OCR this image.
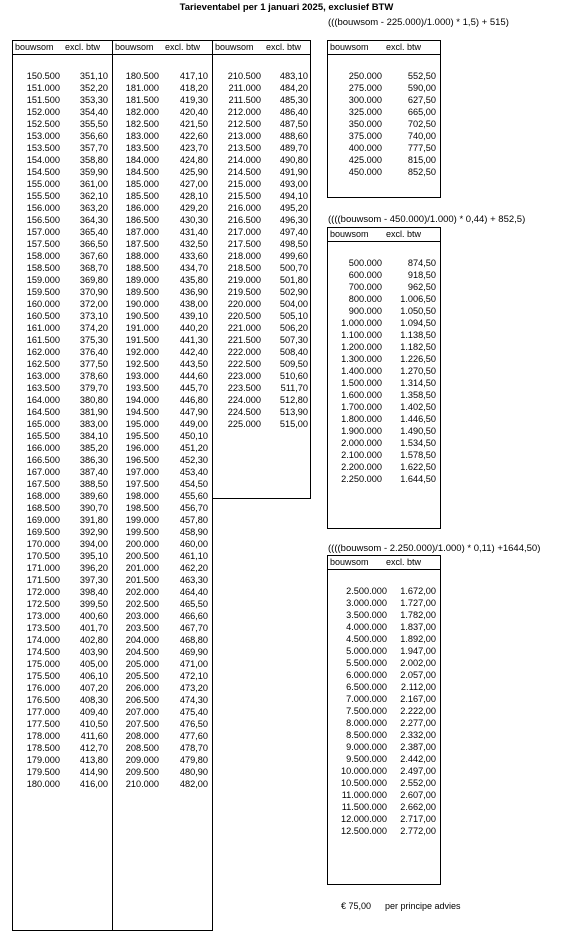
Tarieventabel per 1 januari 2025, exclusief BTW
(((bouwsom - 225.000)/1.000) * 1,5) + 515)
bouwsom excl. btw
150.500 351,10
151.000 352,20
151.500 353,30
152.000 354,40
152.500 355,50
153.000 356,60
153.500 357,70
154.000 358,80
154.500 359,90
155.000 361,00
155.500 362,10
156.000 363,20
156.500 364,30
157.000 365,40
157.500 366,50
158.000 367,60
158.500 368,70
159.000 369,80
159.500 370,90
160.000 372,00
160.500 373,10
161.000 374,20
161.500 375,30
162.000 376,40
162.500 377,50
163.000 378,60
163.500 379,70
164.000 380,80
164.500 381,90
165.000 383,00
165.500 384,10
166.000 385,20
166.500 386,30
167.000 387,40
167.500 388,50
168.000 389,60
168.500 390,70
169.000 391,80
169.500 392,90
170.000 394,00
170.500 395,10
171.000 396,20
171.500 397,30
172.000 398,40
172.500 399,50
173.000 400,60
173.500 401,70
174.000 402,80
174.500 403,90
175.000 405,00
175.500 406,10
176.000 407,20
176.500 408,30
177.000 409,40
177.500 410,50
178.000 411,60
178.500 412,70
179.000 413,80
179.500 414,90
180.000 416,00
bouwsom excl. btw
180.500 417,10
181.000 418,20
181.500 419,30
182.000 420,40
182.500 421,50
183.000 422,60
183.500 423,70
184.000 424,80
184.500 425,90
185.000 427,00
185.500 428,10
186.000 429,20
186.500 430,30
187.000 431,40
187.500 432,50
188.000 433,60
188.500 434,70
189.000 435,80
189.500 436,90
190.000 438,00
190.500 439,10
191.000 440,20
191.500 441,30
192.000 442,40
192.500 443,50
193.000 444,60
193.500 445,70
194.000 446,80
194.500 447,90
195.000 449,00
195.500 450,10
196.000 451,20
196.500 452,30
197.000 453,40
197.500 454,50
198.000 455,60
198.500 456,70
199.000 457,80
199.500 458,90
200.000 460,00
200.500 461,10
201.000 462,20
201.500 463,30
202.000 464,40
202.500 465,50
203.000 466,60
203.500 467,70
204.000 468,80
204.500 469,90
205.000 471,00
205.500 472,10
206.000 473,20
206.500 474,30
207.000 475,40
207.500 476,50
208.000 477,60
208.500 478,70
209.000 479,80
209.500 480,90
210.000 482,00
bouwsom excl. btw
210.500 483,10
211.000 484,20
211.500 485,30
212.000 486,40
212.500 487,50
213.000 488,60
213.500 489,70
214.000 490,80
214.500 491,90
215.000 493,00
215.500 494,10
216.000 495,20
216.500 496,30
217.000 497,40
217.500 498,50
218.000 499,60
218.500 500,70
219.000 501,80
219.500 502,90
220.000 504,00
220.500 505,10
221.000 506,20
221.500 507,30
222.000 508,40
222.500 509,50
223.000 510,60
223.500 511,70
224.000 512,80
224.500 513,90
225.000 515,00
bouwsom excl. btw
250.000	552,50
275.000	590,00
300.000	627,50
325.000	665,00
350.000	702,50
375.000	740,00
400.000	777,50
425.000	815,00
450.000	852,50
((((bouwsom - 450.000)/1.000) * 0,44) + 852,5)
bouwsom excl. btw
500.000	874,50
600.000	918,50
700.000	962,50
800.000 1.006,50
900.000 1.050,50
1.000.000 1.094,50
1.100.000 1.138,50
1.200.000 1.182,50
1.300.000 1.226,50
1.400.000 1.270,50
1.500.000 1.314,50
1.600.000 1.358,50
1.700.000 1.402,50
1.800.000 1.446,50
1.900.000 1.490,50
2.000.000 1.534,50
2.100.000 1.578,50
2.200.000 1.622,50
2.250.000 1.644,50
((((bouwsom - 2.250.000)/1.000) * 0,11) +1644,50)
bouwsom excl. btw
2.500.000 1.672,00
3.000.000 1.727,00
3.500.000 1.782,00
4.000.000 1.837,00
4.500.000 1.892,00
5.000.000 1.947,00
5.500.000 2.002,00
6.000.000 2.057,00
6.500.000 2.112,00
7.000.000 2.167,00
7.500.000 2.222,00
8.000.000 2.277,00
8.500.000 2.332,00
9.000.000 2.387,00
9.500.000 2.442,00
10.000.000 2.497,00
10.500.000 2.552,00
11.000.000 2.607,00
11.500.000 2.662,00
12.000.000 2.717,00
12.500.000 2.772,00
€ 75,00 per principe advies
